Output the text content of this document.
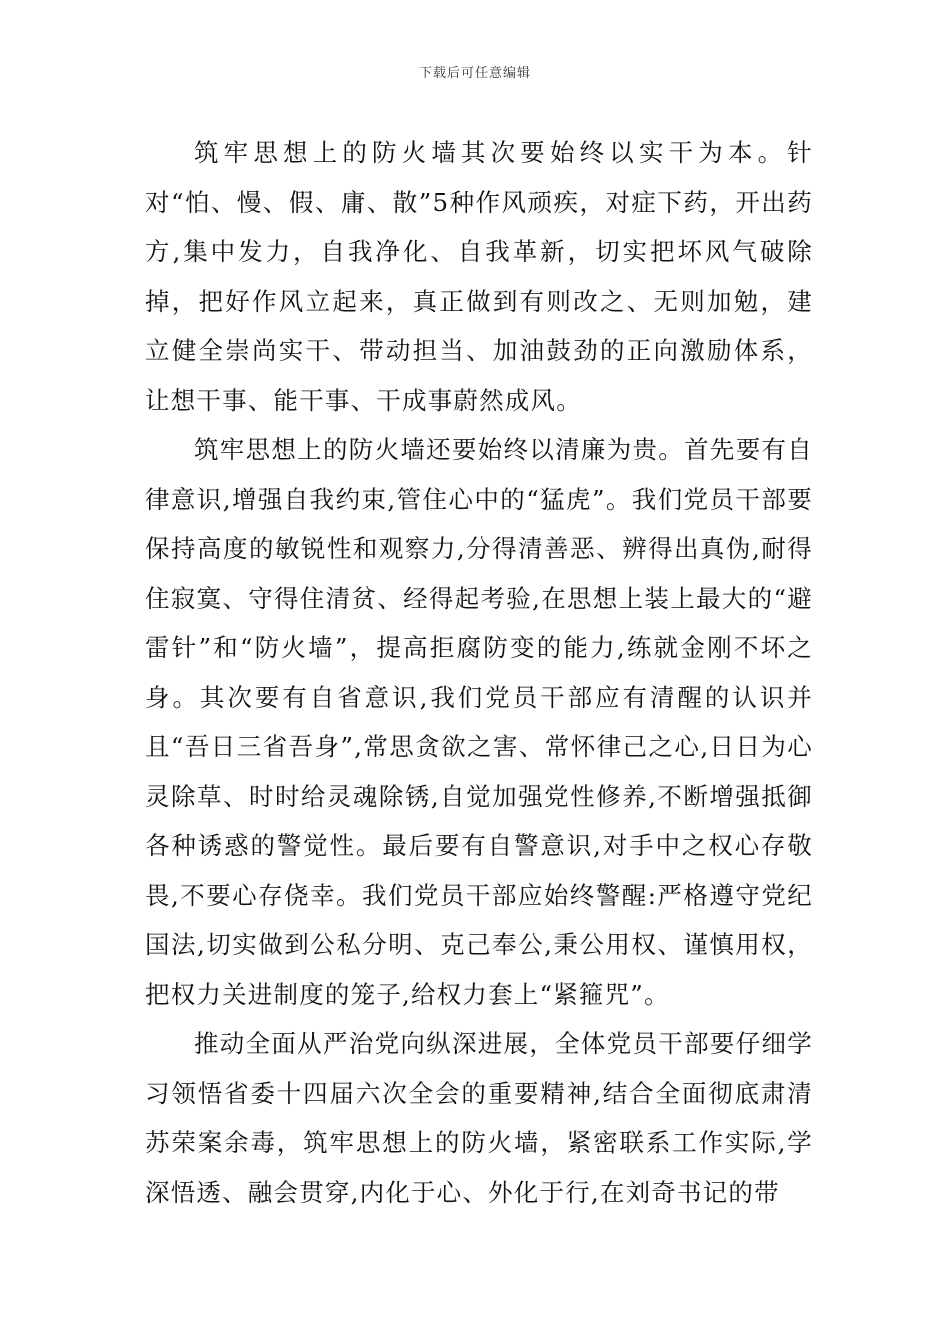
下载后可任意编辑

筑牢思想上的防火墙其次要始终以实干为本。针对“怕、慢、假、庸、散”5种作风顽疾，对症下药，开出药方,集中发力，自我净化、自我革新，切实把坏风气破除掉，把好作风立起来，真正做到有则改之、无则加勉，建立健全崇尚实干、带动担当、加油鼓劲的正向激励体系，让想干事、能干事、干成事蔚然成风。

筑牢思想上的防火墙还要始终以清廉为贵。首先要有自律意识,增强自我约束,管住心中的“猛虎”。我们党员干部要保持高度的敏锐性和观察力,分得清善恶、辨得出真伪,耐得住寂寞、守得住清贫、经得起考验,在思想上装上最大的“避雷针”和“防火墙”，提高拒腐防变的能力,练就金刚不坏之身。其次要有自省意识,我们党员干部应有清醒的认识并且“吾日三省吾身”,常思贪欲之害、常怀律己之心,日日为心灵除草、时时给灵魂除锈,自觉加强党性修养,不断增强抵御各种诱惑的警觉性。最后要有自警意识,对手中之权心存敬畏,不要心存侥幸。我们党员干部应始终警醒:严格遵守党纪国法,切实做到公私分明、克己奉公,秉公用权、谨慎用权，把权力关进制度的笼子,给权力套上“紧箍咒”。

推动全面从严治党向纵深进展，全体党员干部要仔细学习领悟省委十四届六次全会的重要精神,结合全面彻底肃清苏荣案余毒，筑牢思想上的防火墙，紧密联系工作实际,学深悟透、融会贯穿,内化于心、外化于行,在刘奇书记的带
